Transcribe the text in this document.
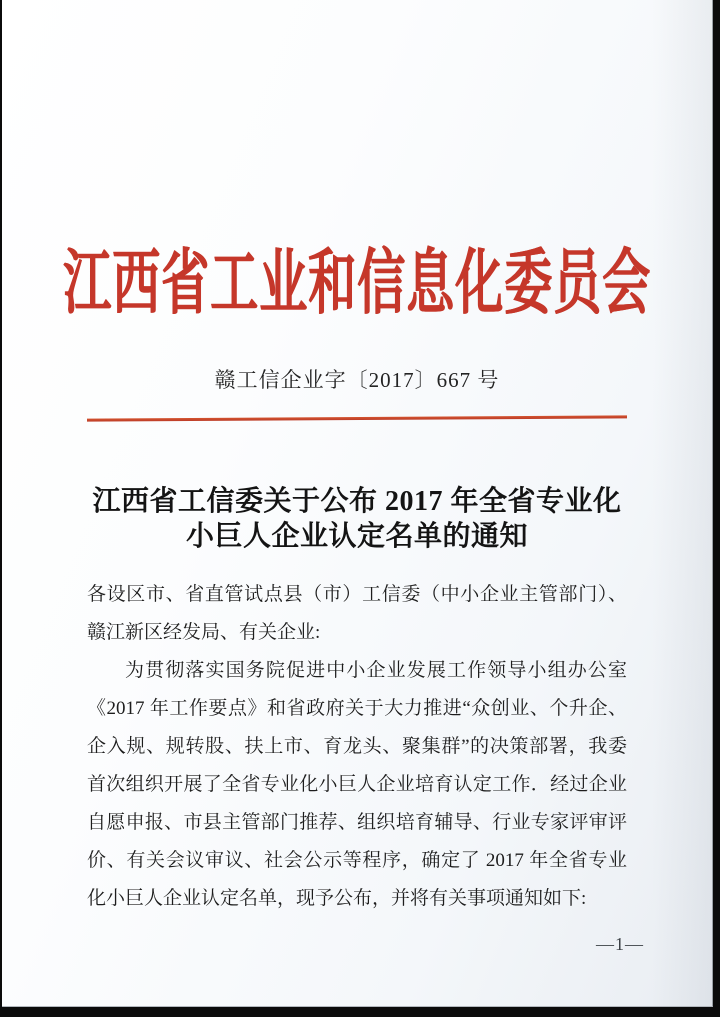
江西省工业和信息化委员会
赣工信企业字〔2017〕667 号
江西省工信委关于公布 2017 年全省专业化
小巨人企业认定名单的通知
各设区市、省直管试点县（市）工信委（中小企业主管部门）、
赣江新区经发局、有关企业:
为贯彻落实国务院促进中小企业发展工作领导小组办公室
《2017 年工作要点》和省政府关于大力推进“众创业、个升企、
企入规、规转股、扶上市、育龙头、聚集群”的决策部署，我委
首次组织开展了全省专业化小巨人企业培育认定工作．经过企业
自愿申报、市县主管部门推荐、组织培育辅导、行业专家评审评
价、有关会议审议、社会公示等程序，确定了 2017 年全省专业
化小巨人企业认定名单，现予公布，并将有关事项通知如下:
—1—
